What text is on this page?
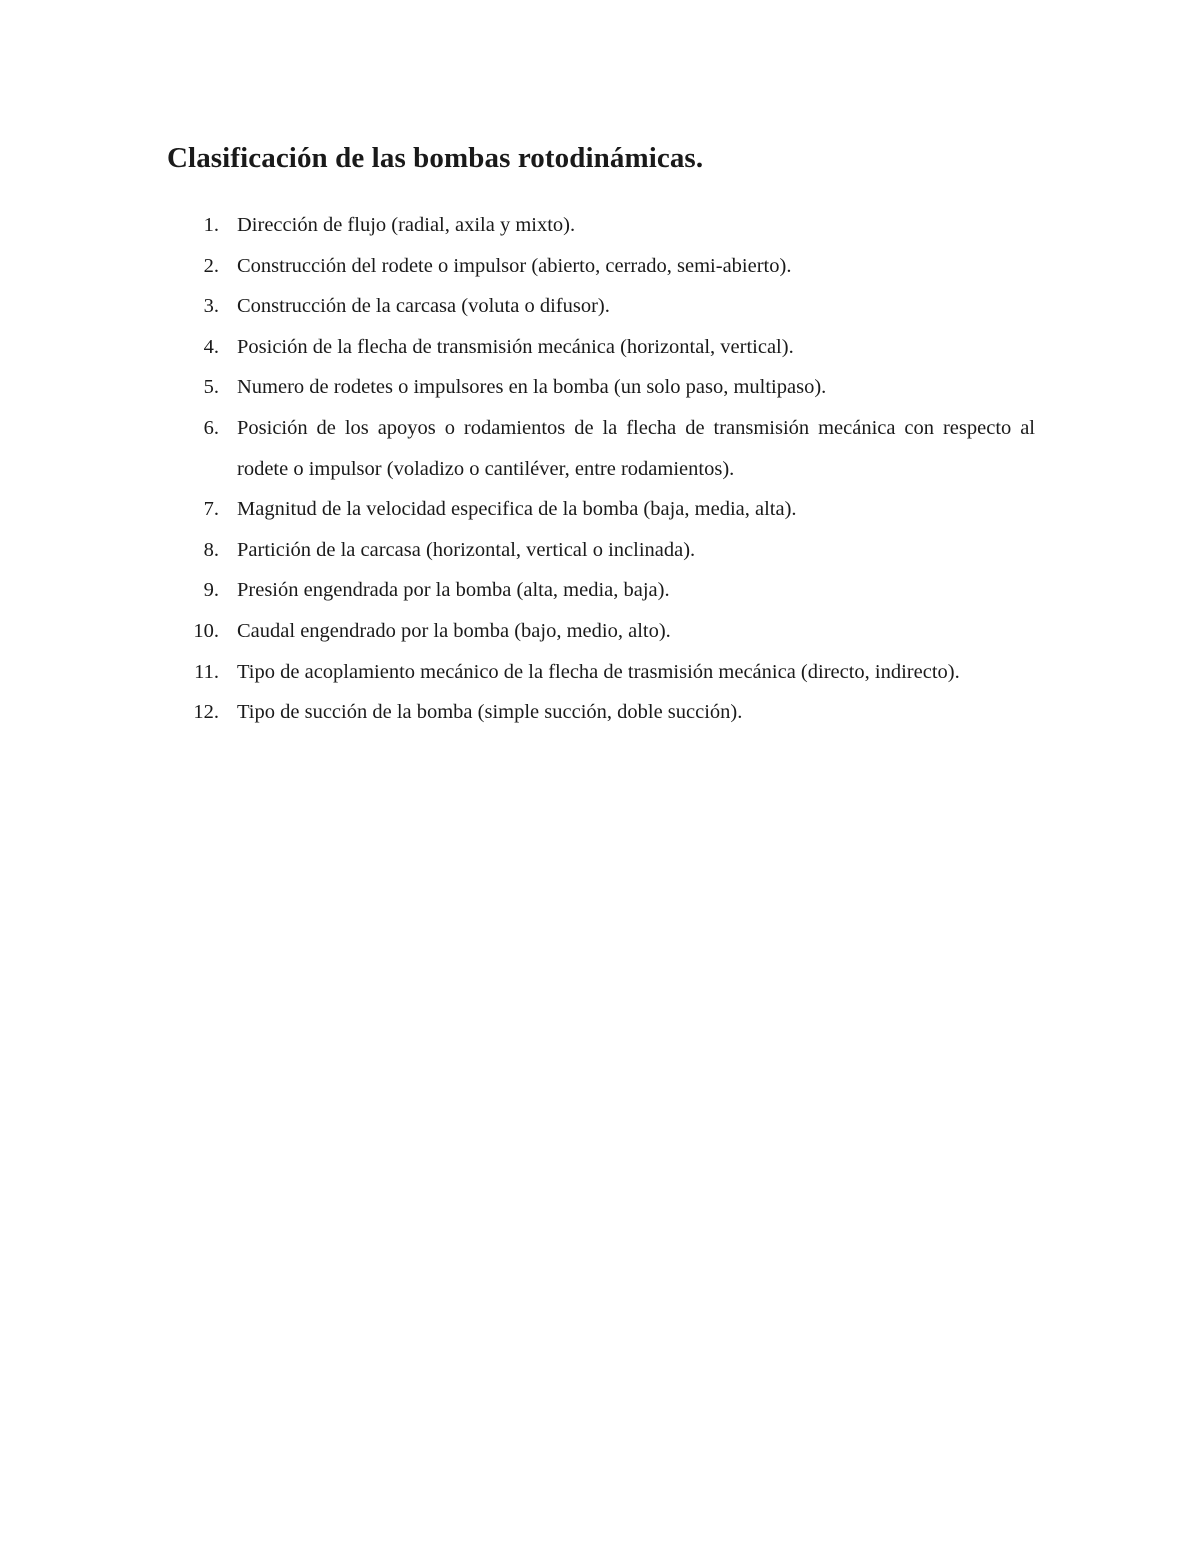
Clasificación de las bombas rotodinámicas.
1. Dirección de flujo (radial, axila y mixto).
2. Construcción del rodete o impulsor (abierto, cerrado, semi-abierto).
3. Construcción de la carcasa (voluta o difusor).
4. Posición de la flecha de transmisión mecánica (horizontal, vertical).
5. Numero de rodetes o impulsores en la bomba (un solo paso, multipaso).
6. Posición de los apoyos o rodamientos de la flecha de transmisión mecánica con respecto al rodete o impulsor (voladizo o cantiléver, entre rodamientos).
7. Magnitud de la velocidad especifica de la bomba (baja, media, alta).
8. Partición de la carcasa (horizontal, vertical o inclinada).
9. Presión engendrada por la bomba (alta, media, baja).
10. Caudal engendrado por la bomba (bajo, medio, alto).
11. Tipo de acoplamiento mecánico de la flecha de trasmisión mecánica (directo, indirecto).
12. Tipo de succión de la bomba (simple succión, doble succión).
